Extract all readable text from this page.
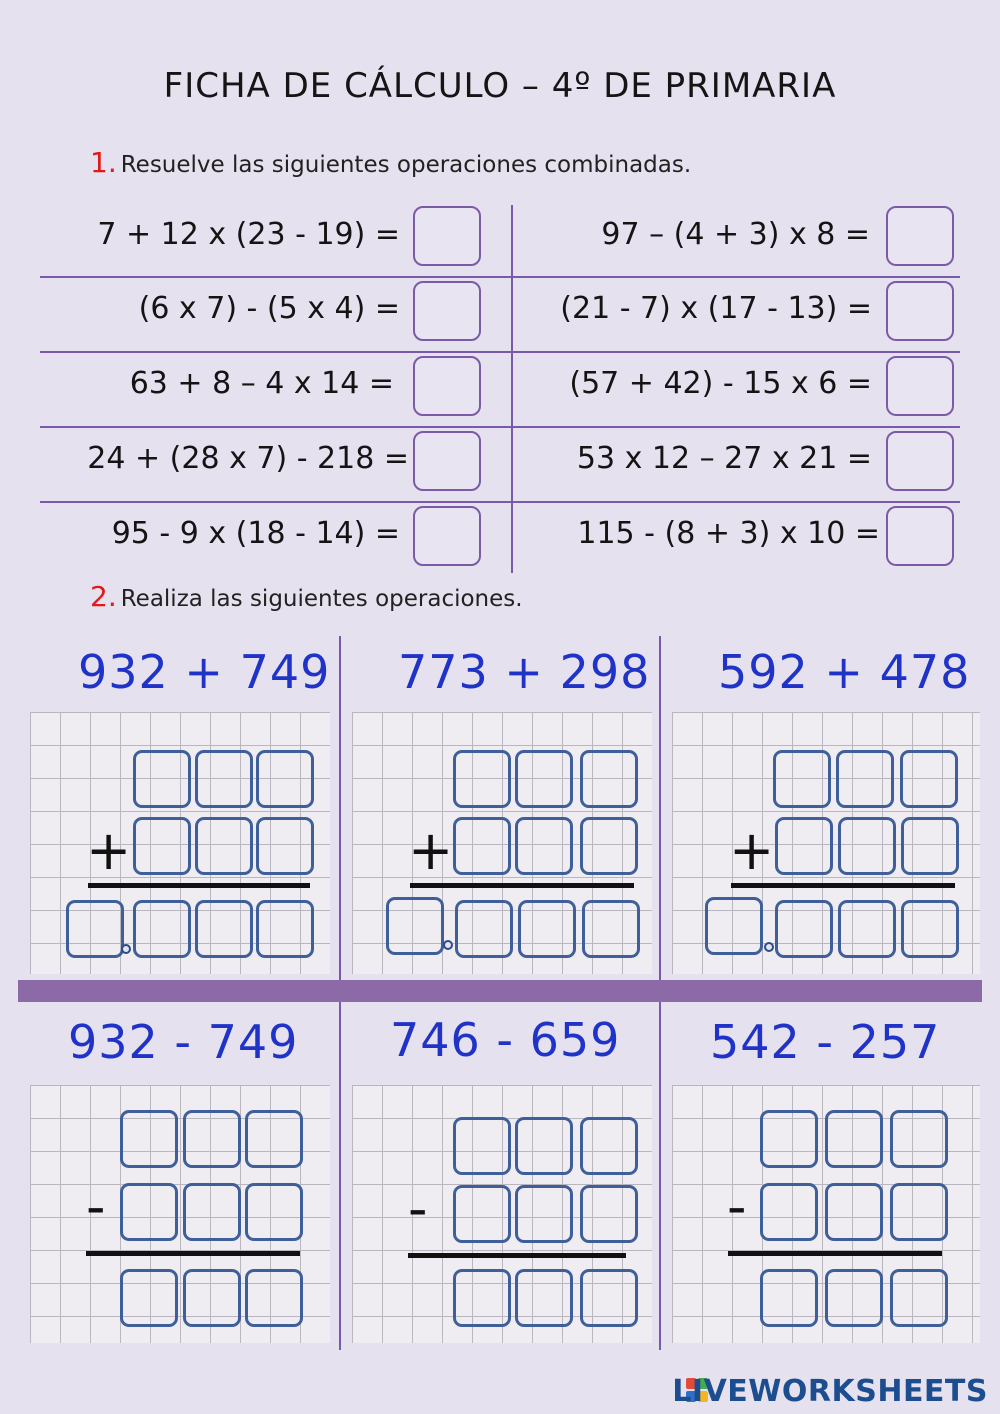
FICHA DE CÁLCULO – 4º DE PRIMARIA
1. Resuelve las siguientes operaciones combinadas.
7 + 12 x (23 - 19) =
(6 x 7) - (5 x 4) =
63 + 8 – 4 x 14 =
24 + (28 x 7) - 218 =
95 - 9 x (18 - 14) =
97 – (4 + 3) x 8 =
(21 - 7) x (17 - 13) =
(57 + 42) - 15 x 6 =
53 x 12 – 27 x 21 =
115 - (8 + 3) x 10 =
2. Realiza las siguientes operaciones.
932 + 749
+
773 + 298
+
592 + 478
+
932 - 749
-
746 - 659
-
542 - 257
-
LIVEWORKSHEETS
